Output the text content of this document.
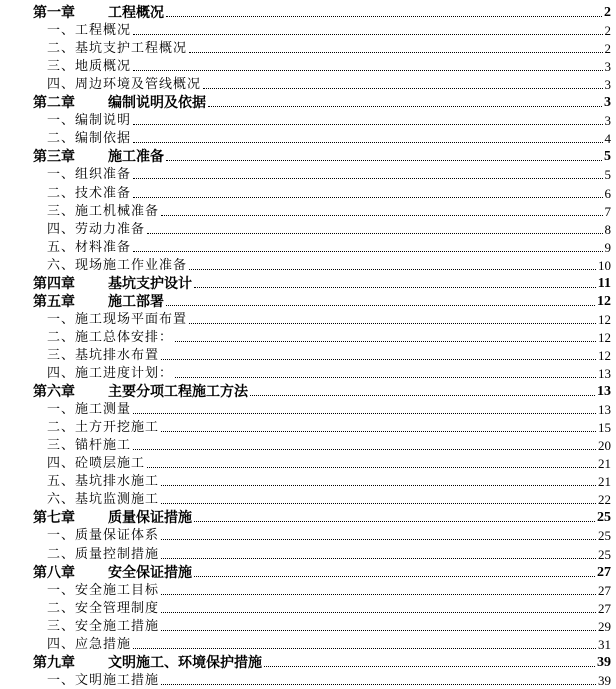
第一章 工程概况	2
一、工程概况	2
二、基坑支护工程概况	2
三、地质概况	3
四、周边环境及管线概况	3
第二章 编制说明及依据	3
一、编制说明	3
二、编制依据	4
第三章 施工准备	5
一、组织准备	5
二、技术准备	6
三、施工机械准备	7
四、劳动力准备	8
五、材料准备	9
六、现场施工作业准备	10
第四章 基坑支护设计	11
第五章 施工部署	12
一、施工现场平面布置	12
二、施工总体安排：	12
三、基坑排水布置	12
四、施工进度计划：	13
第六章 主要分项工程施工方法	13
一、施工测量	13
二、土方开挖施工	15
三、锚杆施工	20
四、砼喷层施工	21
五、基坑排水施工	21
六、基坑监测施工	22
第七章 质量保证措施	25
一、质量保证体系	25
二、质量控制措施	25
第八章 安全保证措施	27
一、安全施工目标	27
二、安全管理制度	27
三、安全施工措施	29
四、应急措施	31
第九章 文明施工、环境保护措施	39
一、文明施工措施	39
